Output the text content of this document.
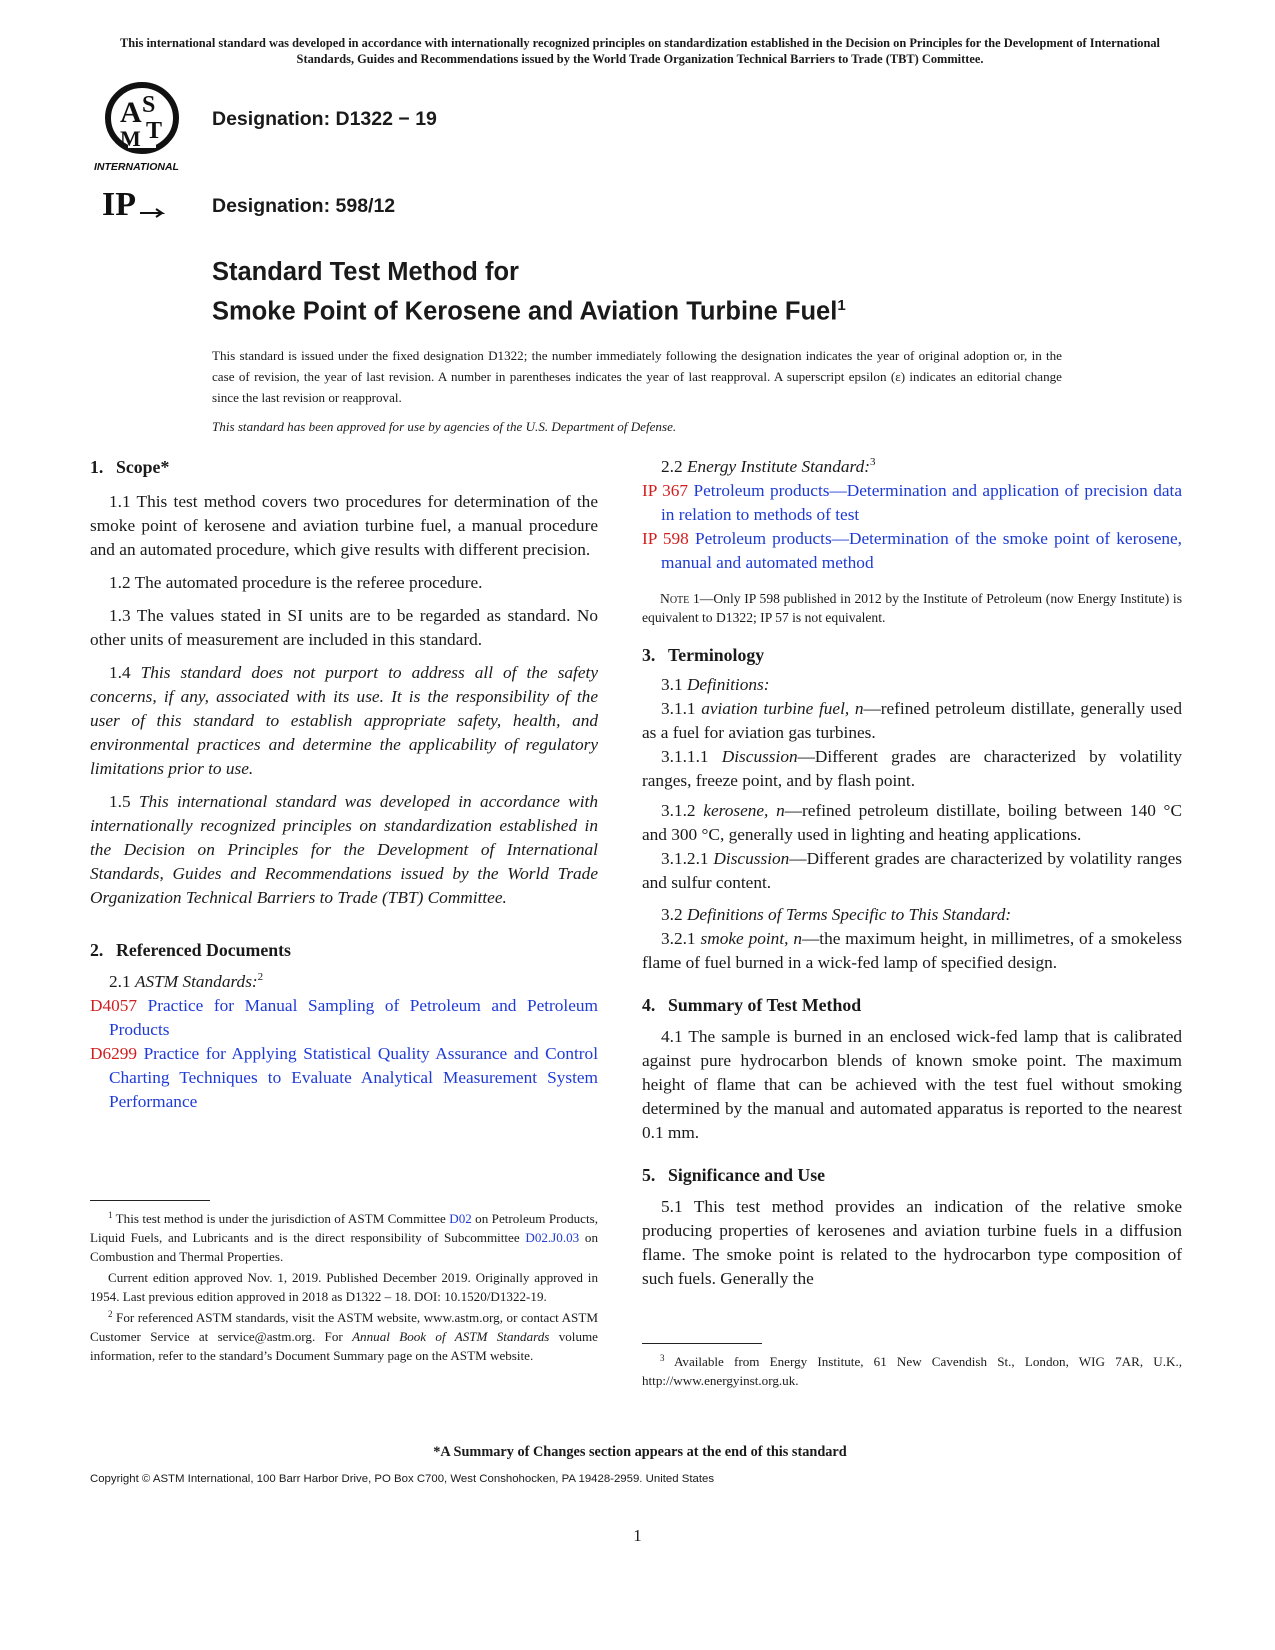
This international standard was developed in accordance with internationally recognized principles on standardization established in the Decision on Principles for the Development of International Standards, Guides and Recommendations issued by the World Trade Organization Technical Barriers to Trade (TBT) Committee.
A S
T
M
INTERNATIONAL
Designation: D1322 − 19
IP	Designation: 598/12
Standard Test Method for
Smoke Point of Kerosene and Aviation Turbine Fuel$^1$
This standard is issued under the fixed designation D1322; the number immediately following the designation indicates the year of original adoption or, in the case of revision, the year of last revision. A number in parentheses indicates the year of last reapproval. A superscript epsilon (ε) indicates an editorial change since the last revision or reapproval.
This standard has been approved for use by agencies of the U.S. Department of Defense.
1. Scope*

1.1 This test method covers two procedures for determination of the smoke point of kerosene and aviation turbine fuel, a manual procedure and an automated procedure, which give results with different precision.

1.2 The automated procedure is the referee procedure.

1.3 The values stated in SI units are to be regarded as standard. No other units of measurement are included in this standard.

1.4 This standard does not purport to address all of the safety concerns, if any, associated with its use. It is the responsibility of the user of this standard to establish appropriate safety, health, and environmental practices and determine the applicability of regulatory limitations prior to use.

1.5 This international standard was developed in accordance with internationally recognized principles on standardization established in the Decision on Principles for the Development of International Standards, Guides and Recommendations issued by the World Trade Organization Technical Barriers to Trade (TBT) Committee.

2. Referenced Documents

2.1 ASTM Standards:$^2$

D4057 Practice for Manual Sampling of Petroleum and Petroleum Products
D6299 Practice for Applying Statistical Quality Assurance and Control Charting Techniques to Evaluate Analytical Measurement System Performance

2.2 Energy Institute Standard:$^3$

IP 367 Petroleum products—Determination and application of precision data in relation to methods of test
IP 598 Petroleum products—Determination of the smoke point of kerosene, manual and automated method
Note 1—Only IP 598 published in 2012 by the Institute of Petroleum (now Energy Institute) is equivalent to D1322; IP 57 is not equivalent.
3. Terminology

3.1 Definitions:

3.1.1 aviation turbine fuel, n—refined petroleum distillate, generally used as a fuel for aviation gas turbines.

3.1.1.1 Discussion—Different grades are characterized by volatility ranges, freeze point, and by flash point.

3.1.2 kerosene, n—refined petroleum distillate, boiling between 140 °C and 300 °C, generally used in lighting and heating applications.

3.1.2.1 Discussion—Different grades are characterized by volatility ranges and sulfur content.

3.2 Definitions of Terms Specific to This Standard:

3.2.1 smoke point, n—the maximum height, in millimetres, of a smokeless flame of fuel burned in a wick-fed lamp of specified design.

4. Summary of Test Method

4.1 The sample is burned in an enclosed wick-fed lamp that is calibrated against pure hydrocarbon blends of known smoke point. The maximum height of flame that can be achieved with the test fuel without smoking determined by the manual and automated apparatus is reported to the nearest 0.1 mm.

5. Significance and Use

5.1 This test method provides an indication of the relative smoke producing properties of kerosenes and aviation turbine fuels in a diffusion flame. The smoke point is related to the hydrocarbon type composition of such fuels. Generally the

$^1$ This test method is under the jurisdiction of ASTM Committee D02 on Petroleum Products, Liquid Fuels, and Lubricants and is the direct responsibility of Subcommittee D02.J0.03 on Combustion and Thermal Properties.
Current edition approved Nov. 1, 2019. Published December 2019. Originally approved in 1954. Last previous edition approved in 2018 as D1322 – 18. DOI: 10.1520/D1322-19.
$^2$ For referenced ASTM standards, visit the ASTM website, www.astm.org, or contact ASTM Customer Service at service@astm.org. For Annual Book of ASTM Standards volume information, refer to the standard’s Document Summary page on the ASTM website.	$^3$ Available from Energy Institute, 61 New Cavendish St., London, WIG 7AR, U.K., http://www.energyinst.org.uk.
*A Summary of Changes section appears at the end of this standard
Copyright © ASTM International, 100 Barr Harbor Drive, PO Box C700, West Conshohocken, PA 19428-2959. United States
1
